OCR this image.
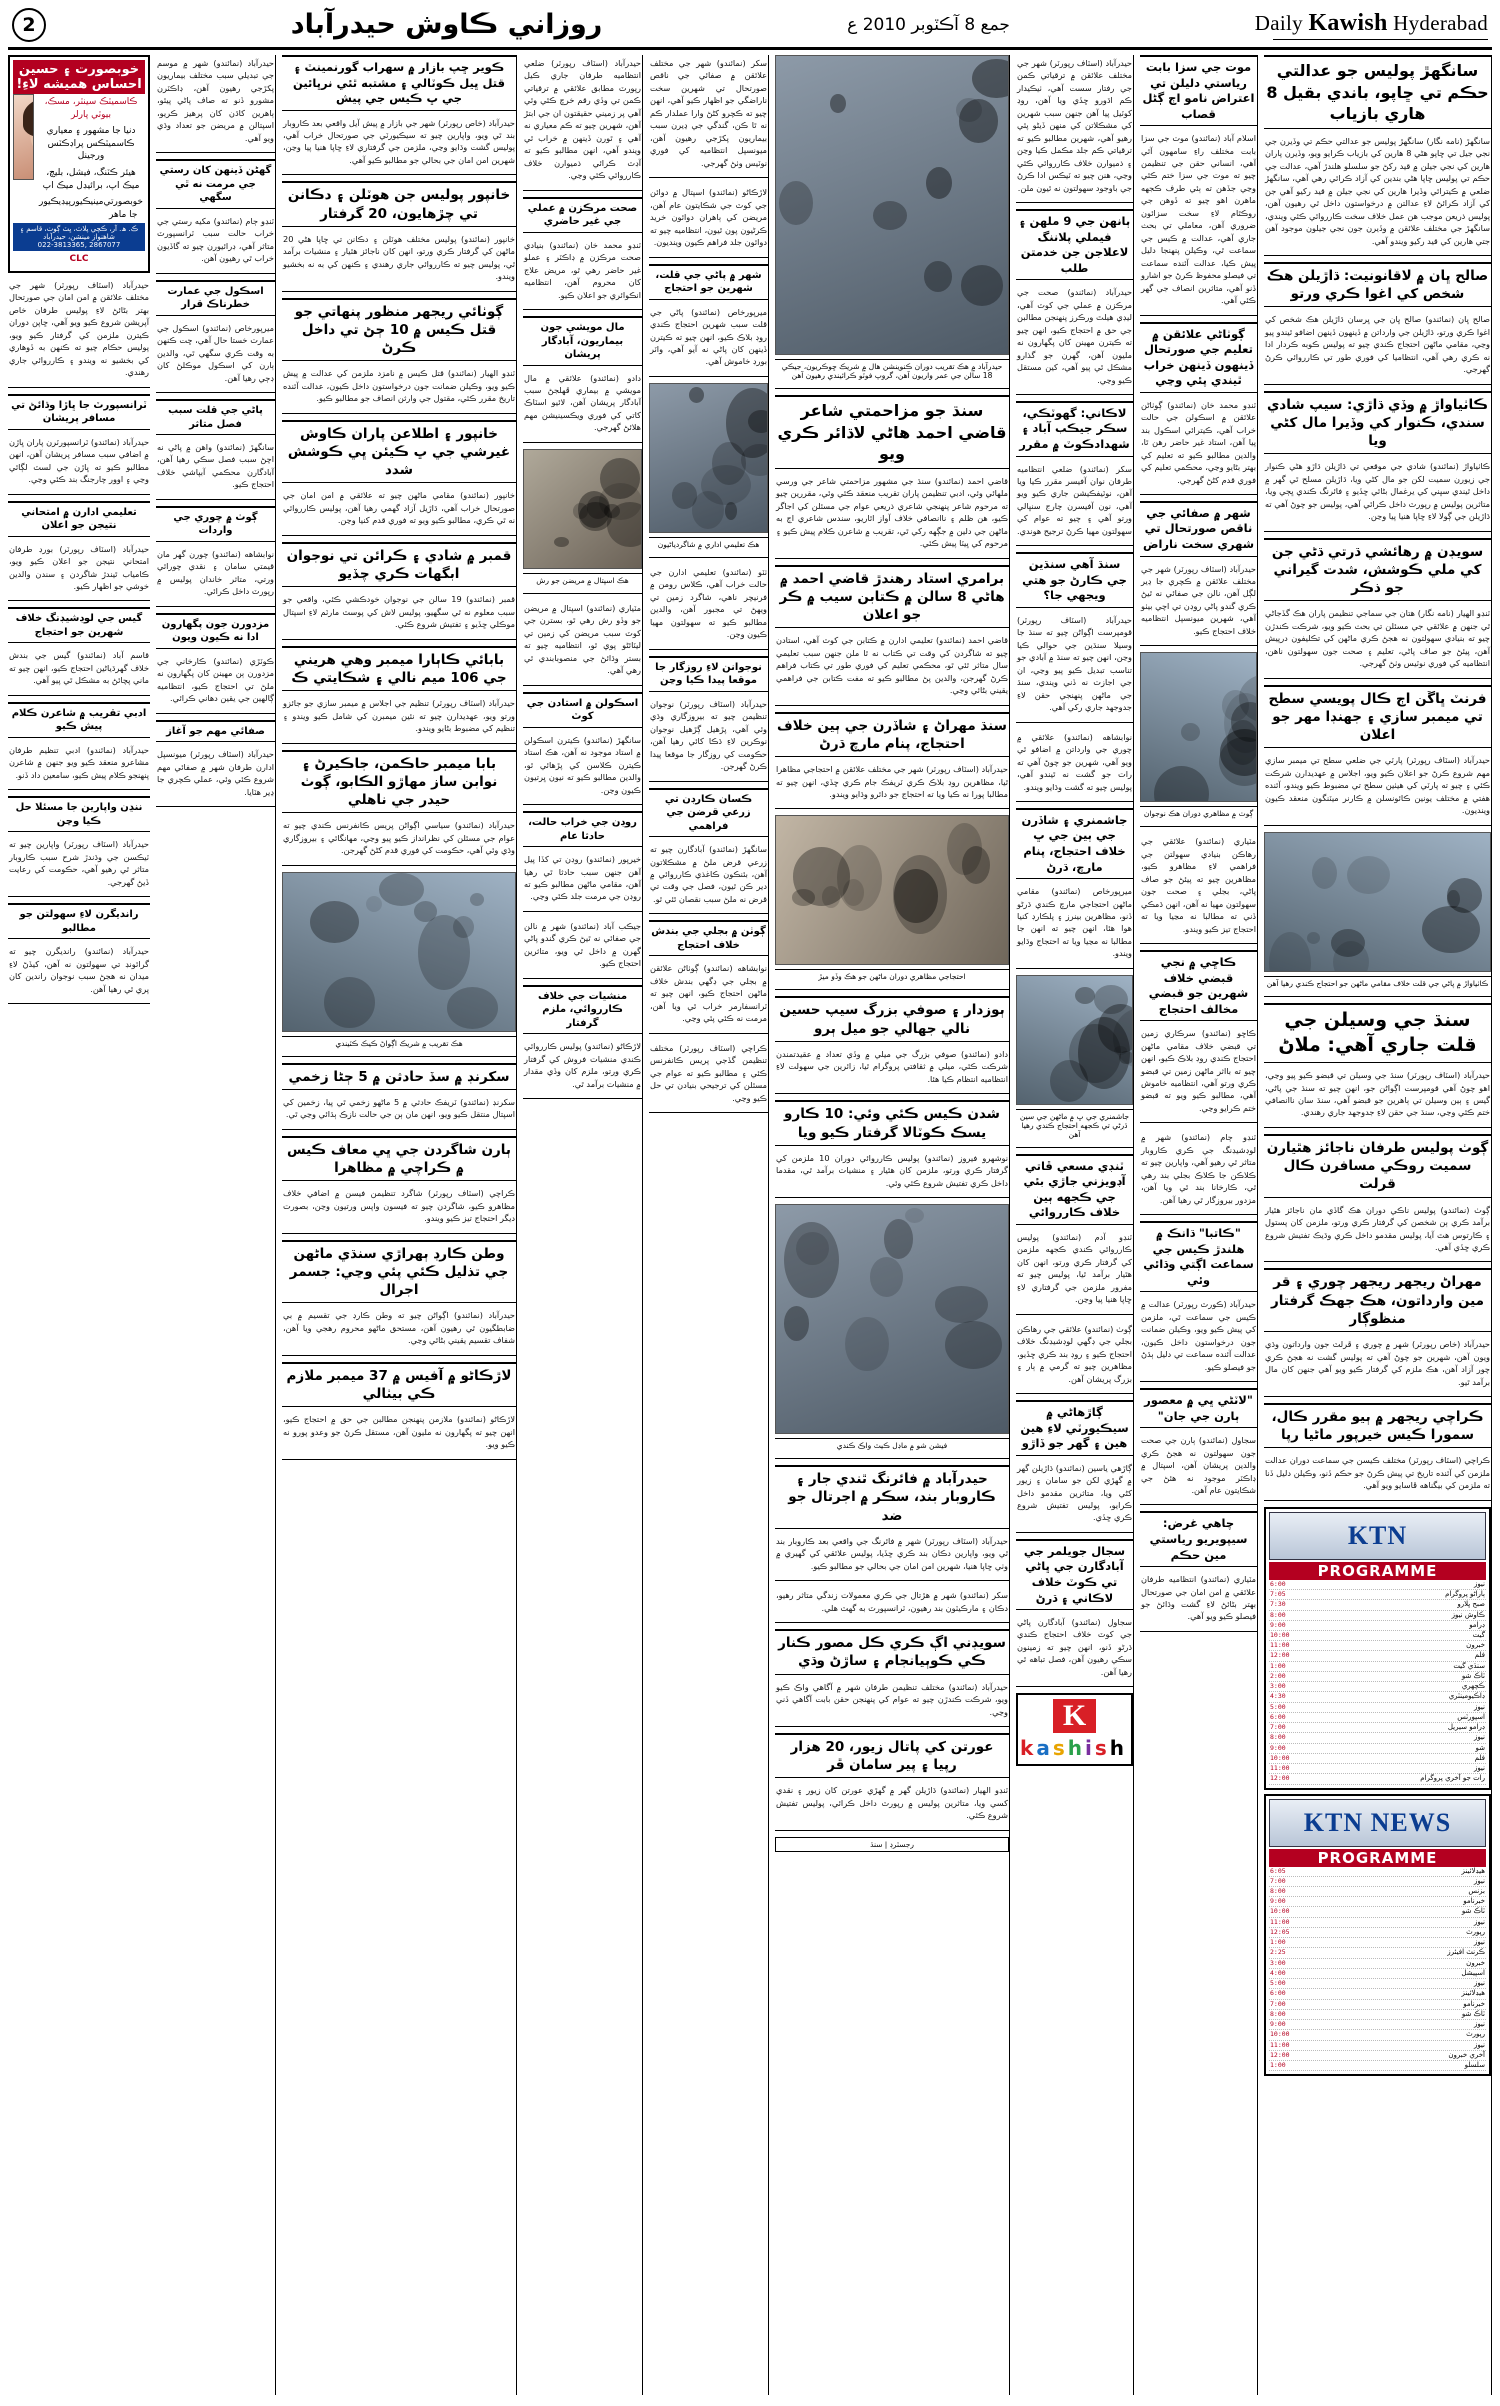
Daily Kawish Hyderabad
جمع 8 آڪٽوبر 2010 ع
روزاني ڪاوش حيدرآباد
2
سانگهڙ پوليس جو عدالتي حڪم تي ڇاپو، باندي بقيل 8 هاري بازياب
سانگهڙ (نامه نگار) سانگهڙ پوليس جو عدالتي حڪم تي وڏيرن جي نجي جيل تي ڇاپو هڻي 8 هارين کي بازياب ڪرايو ويو، وڏيرن پاران هارين کي نجي جيلن ۾ قيد رکڻ جو سلسلو هلندڙ آهي، عدالت جي حڪم تي پوليس ڇاپا هڻي بندين کي آزاد ڪرائي رهي آهي، سانگهڙ ضلعي ۾ ڪيترائي وڏيرا هارين کي نجي جيلن ۾ قيد رکيو آهي جن کي آزاد ڪرائڻ لاءِ عدالتن ۾ درخواستون داخل ٿي رهيون آهن، پوليس ذريعن موجب هن عمل خلاف سخت ڪارروائي ڪئي ويندي، سانگهڙ جي مختلف علائقن ۾ وڏيرن جون نجي جيلون موجود آهن جتي هارين کي قيد رکيو ويندو آهي.
صالح ڀان ۾ لاقانونيت: ڌاڙيلن هڪ شخص کي اغوا ڪري ورتو
صالح ڀان (نمائندو) صالح ڀان جي ڀرسان ڌاڙيلن هڪ شخص کي اغوا ڪري ورتو، ڌاڙيلن جي وارداتن ۾ ڏينهون ڏينهن اضافو ٿيندو پيو وڃي، مقامي ماڻهن احتجاج ڪندي چيو ته پوليس ڪوبه ڪردار ادا نه ڪري رهي آهي، انتظاميا کي فوري طور تي ڪارروائي ڪرڻ گهرجي.
ڪاٺياواڙ ۾ وڏي ڌاڙي: سيپ شادي سندي، ڪنوار کي وڏيرا مال کڻي ويا
ڪاٺياواڙ (نمائندو) شادي جي موقعي تي ڌاڙيلن ڌاڙو هڻي ڪنوار جي زيورن سميت لکن جو مال کڻي ويا، ڌاڙيلن مسلح ٿي گهر ۾ داخل ٿيندي سڀني کي يرغمال بڻائي ڇڏيو ۽ فائرنگ ڪندي ڀڄي ويا، متاثرين پوليس ۾ رپورٽ داخل ڪرائي آهي، پوليس جو چوڻ آهي ته ڌاڙيلن جي ڳولا لاءِ ڇاپا هنيا پيا وڃن.
سويڊن ۾ رهائشي ڌرتي ڌڻي جن کي ملي ڪوشش، شدت گيراني جو ذڪر
ٽنڊو الهيار (نامه نگار) هتان جي سماجي تنظيمن پاران هڪ گڏجاڻي ٿي جنهن ۾ علائقي جي مسئلن تي بحث ڪيو ويو، شرڪت ڪندڙن چيو ته بنيادي سهولتون نه هجڻ ڪري ماڻهن کي تڪليفون درپيش آهن، پيئڻ جو صاف پاڻي، تعليم ۽ صحت جون سهولتون ناهن، انتظاميه کي فوري نوٽيس وٺڻ گهرجي.
فرنٽ ڀاڱن اڄ ڪال پويسي سطح تي ميمبر سازي ۽ جهنڊا مهر جو اعلان
حيدرآباد (اسٽاف رپورٽر) پارٽي جي ضلعي سطح تي ميمبر سازي مهم شروع ڪرڻ جو اعلان ڪيو ويو، اجلاس ۾ عهديدارن شرڪت ڪئي ۽ چيو ته پارٽي کي هيٺين سطح تي مضبوط ڪيو ويندو، آئنده هفتي ۾ مختلف يونين ڪائونسلن ۾ ڪارنر ميٽنگون منعقد ڪيون وينديون.
ڪاٺياواڙ ۾ پاڻي جي قلت خلاف مقامي ماڻهن جو احتجاج ڪندي رهيا آهن
سنڌ جي وسيلن جي قلت جاري آهي: ملاڻ
حيدرآباد (اسٽاف رپورٽر) سنڌ جي وسيلن تي قبضو ڪيو پيو وڃي، اهو چوڻ آهي قومپرست اڳواڻن جو، انهن چيو ته سنڌ جي پاڻي، گيس ۽ ٻين وسيلن تي ٻاهرين جو قبضو آهي، سنڌ سان ناانصافي ختم ڪئي وڃي، سنڌ جي حقن لاءِ جدوجهد جاري رهندي.
ڳوٺ پوليس طرفان ناجائز هٿيارن سميت روڪي مسافرن ڪال قرلت
ڳوٺ (نمائندو) پوليس ناڪي دوران هڪ گاڏي مان ناجائز هٿيار برآمد ڪري ٻن شخصن کي گرفتار ڪري ورتو، ملزمن کان پستول ۽ ڪارتوس هٿ آيا، پوليس مقدمو داخل ڪري وڌيڪ تفتيش شروع ڪري ڇڏي آهي.
مهراڻ ريجهر ريجهر چوري ۽ قر مين وارداتون، هڪ جهڪ گرفتار منظوڳار
حيدرآباد (خاص رپورٽر) شهر ۾ چوري ۽ ڦرلٽ جون وارداتون وڌي ويون آهن، شهرين جو چوڻ آهي ته پوليس گشت نه هجڻ ڪري چور آزاد آهن، هڪ ملزم کي گرفتار ڪيو ويو آهي جنهن کان مال برآمد ٿيو.
ڪراچي ريجهر ۾ ٻيو مقرر ڪال، سمورا ڪيس خيرپور ماڻيا رپا
ڪراچي (اسٽاف رپورٽر) مختلف ڪيسن جي سماعت دوران عدالت ملزمن کي آئنده تاريخ تي پيش ڪرڻ جو حڪم ڏنو، وڪيلن دليل ڏنا ته ملزمن کي بيگناهه ڦاسايو ويو آهي.
KTN
PROGRAMME
نيوز
6:00
ٻاراڻو پروگرام
7:05
صبح ڀلارو
7:30
ڪاوش نيوز
8:00
ڊرامو
9:00
گيت
10:00
خبرون
11:00
فلم
12:00
سنڌي گيت
1:00
ٽاڪ شو
2:00
ڪچهري
3:00
ڊاڪيومينٽري
4:30
نيوز
5:00
اسپورٽس
6:00
ڊرامو سيريل
7:00
نيوز
8:00
شو
9:00
فلم
10:00
نيوز
11:00
رات جو آخري پروگرام
12:00
KTN NEWS
PROGRAMME
هيڊلائينز
6:05
نيوز
7:00
بزنس
8:00
خبرنامو
9:00
ٽاڪ شو
10:00
نيوز
11:00
رپورٽ
12:05
نيوز
1:00
ڪرنٽ افيئرز
2:25
خبرون
3:00
اسپيشل
4:00
نيوز
5:00
هيڊلائينز
6:00
خبرنامو
7:00
ٽاڪ شو
8:00
نيوز
9:00
رپورٽ
10:00
نيوز
11:00
آخري خبرون
12:00
سلسلو
1:00
موت جي سزا بابت رياستي دليلن تي اعتراض نامو اڄ ڳڻل قصاب
اسلام آباد (نمائندو) موت جي سزا بابت مختلف راءِ سامهون آئي آهي، انساني حقن جي تنظيمن چيو ته موت جي سزا ختم ڪئي وڃي جڏهن ته ٻئي طرف ڪجهه ماهرن اهو چيو ته ڏوهن جي روڪٿام لاءِ سخت سزائون ضروري آهن، معاملي تي بحث جاري آهي، عدالت ۾ ڪيس جي سماعت ٿي، وڪيلن پنهنجا دليل پيش ڪيا، عدالت آئنده سماعت تي فيصلو محفوظ ڪرڻ جو اشارو ڏنو آهي، متاثرين انصاف جي گهر ڪئي آهي.
ڳوٺاڻي علائقن ۾ تعليم جي صورتحال ڏينهون ڏينهن خراب ٿيندي پئي وڃي
ٽنڊو محمد خان (نمائندو) ڳوٺاڻن علائقن ۾ اسڪولن جي حالت خراب آهي، ڪيترائي اسڪول بند پيا آهن، استاد غير حاضر رهن ٿا، والدين مطالبو ڪيو ته تعليم کي بهتر بڻايو وڃي، محڪمي تعليم کي فوري قدم کڻڻ گهرجي.
شهر ۾ صفائي جي ناقص صورتحال تي شهري سخت ناراض
حيدرآباد (اسٽاف رپورٽر) شهر جي مختلف علائقن ۾ ڪچري جا ڍير لڳل آهن، نالن جي صفائي نه ٿيڻ ڪري گندو پاڻي روڊن تي اچي بيٺو آهي، شهرين ميونسپل انتظاميه خلاف احتجاج ڪيو.
ڳوٺ ۾ مظاهري دوران هڪ نوجوان
مٽياري (نمائندو) علائقي جي رهاڪن بنيادي سهولتن جي فراهمي لاءِ مظاهرو ڪيو، مظاهرين چيو ته پيئڻ جو صاف پاڻي، بجلي ۽ صحت جون سهولتون مهيا نه آهن، انهن ڌمڪي ڏني ته مطالبا نه مڃيا ويا ته احتجاج تيز ڪيو ويندو.
ڪاڇي ۾ نجي قبضي خلاف شهرين جو قبضي مخالف احتجاج
ڪاڇو (نمائندو) سرڪاري زمين تي قبضي خلاف مقامي ماڻهن احتجاج ڪندي روڊ بلاڪ ڪيو، انهن چيو ته بااثر ماڻهن زمين تي قبضو ڪري ورتو آهي، انتظاميه خاموش آهي، مطالبو ڪيو ويو ته قبضو ختم ڪرايو وڃي.
ٽنڊو ڄام (نمائندو) شهر ۾ لوڊشيڊنگ جي ڪري ڪاروبار متاثر ٿي رهيو آهي، واپارين چيو ته ڪلاڪن جا ڪلاڪ بجلي بند رهي ٿي، ڪارخانا بند ٿي ويا آهن، مزدور بيروزگار ٿي رهيا آهن.
"ڪاتبا" ڌانڪ ۾ هلندڙ ڪيس جي سماعت اڳتي وڌائي وئي
حيدرآباد (ڪورٽ رپورٽر) عدالت ۾ ڪيس جي سماعت ٿي، ملزمن کي پيش ڪيو ويو، وڪيلن ضمانت جون درخواستون داخل ڪيون، عدالت آئنده سماعت تي دليل ٻڌڻ جو فيصلو ڪيو.
"لاٽڻي ڀي ۾ معصور ٻارن جي جان"
سجاول (نمائندو) ٻارن جي صحت جون سهولتون نه هجڻ ڪري والدين پريشان آهن، اسپتال ۾ ڊاڪٽر موجود نه هئڻ جي شڪايتون عام آهن.
چاهي غرض: سيپويريو رياستي مين حڪم
مٽياري (نمائندو) انتظاميه طرفان علائقي ۾ امن امان جي صورتحال بهتر بڻائڻ لاءِ گشت وڌائڻ جو فيصلو ڪيو ويو آهي.
حيدرآباد (اسٽاف رپورٽر) شهر جي مختلف علائقن ۾ ترقياتي ڪمن جي رفتار سست آهي، ٺيڪيدار ڪم اڌورو ڇڏي ويا آهن، روڊ کوٽيل پيا آهن جنهن سبب شهرين کي مشڪلاتن کي منهن ڏيڻو پئي رهيو آهي، شهرين مطالبو ڪيو ته ترقياتي ڪم جلد مڪمل ڪيا وڃن ۽ ذميوارن خلاف ڪارروائي ڪئي وڃي، هنن چيو ته ٽيڪس ادا ڪرڻ جي باوجود سهولتون نه ٿيون ملن.
ٻانهن جي 9 ملهن ۽ فيملي پلاننگ لاعلاجن جن خدمتن طلب
حيدرآباد (نمائندو) صحت جي مرڪزن ۾ عملي جي کوٽ آهي، ليڊي هيلٿ ورڪرز پنهنجن مطالبن جي حق ۾ احتجاج ڪيو، انهن چيو ته ڪيترن مهينن کان پگهارون نه مليون آهن، گهرن جو گذارو مشڪل ٿي پيو آهي، کين مستقل ڪيو وڃي.
لاڪاني: گهوٽڪي، سڪر جيڪب آباد ۽ شهدادڪوٽ ۾ مقرر
سکر (نمائندو) ضلعي انتظاميه طرفان نوان آفيسر مقرر ڪيا ويا آهن، نوٽيفڪيشن جاري ڪيو ويو آهي، نون آفيسرن چارج سنڀالي ورتو آهي ۽ چيو ته عوام کي سهولتون مهيا ڪرڻ ترجيح هوندي.
سنڌ آهي سنڌين جي ڪارڻ جو هتي ويجهي جا؟
حيدرآباد (اسٽاف رپورٽر) قومپرست اڳواڻن چيو ته سنڌ جا وسيلا سنڌين جي حوالي ڪيا وڃن، انهن چيو ته سنڌ ۾ آبادي جو تناسب تبديل ڪيو پيو وڃي، ان جي اجازت نه ڏني ويندي، سنڌ جي ماڻهن پنهنجي حقن لاءِ جدوجهد جاري رکي آهي.
نوابشاهه (نمائندو) علائقي ۾ چوري جي وارداتن ۾ اضافو ٿي ويو آهي، شهرين جو چوڻ آهي ته رات جو گشت نه ٿيندو آهي، پوليس چيو ته گشت وڌايو ويندو.
جاشمنري ۽ شاڏرن جي ٻين جي ڀ خلاف احتجاج، پنام مارچ، ڌرڻ
ميرپورخاص (نمائندو) مقامي ماڻهن احتجاجي مارچ ڪندي ڌرڻو ڏنو، مظاهرين بينرز ۽ پلڪارڊ کنيا هوا هئا، انهن چيو ته انهن جا مطالبا نه مڃيا ويا ته احتجاج وڌايو ويندو.
جاشمنري جي ڀ ۾ ماڻهن جي سين ڌرڻي تي ڪجهه احتجاج ڪندي رهيا آهن
ٽنڊي مسعي ڦاتي آڊويزني جاڙي بئي جي ڪجهه ٻين خلاف ڪارروائي
ٽنڊو آدم (نمائندو) پوليس ڪارروائي ڪندي ڪجهه ملزمن کي گرفتار ڪري ورتو، انهن کان هٿيار برآمد ٿيا، پوليس چيو ته مفرور ملزمن جي گرفتاري لاءِ ڇاپا هنيا پيا وڃن.
ڳوٺ (نمائندو) علائقي جي رهاڪن بجلي جي ڊگهي لوڊشيڊنگ خلاف احتجاج ڪيو ۽ روڊ بند ڪري ڇڏيو، مظاهرين چيو ته گرمي ۾ ٻار ۽ بزرگ پريشان آهن.
ڳاڙهاڻي ۾ سيڪيورٽي لاءِ هين هين ۽ گهر جو ڏاڙو
ڳاڙهي ياسين (نمائندو) ڌاڙيلن گهر ۾ گهڙي لکن جو سامان ۽ زيور کڻي ويا، متاثرين مقدمو داخل ڪرايو، پوليس تفتيش شروع ڪري ڇڏي.
سجال جويلمر جي آبادگارن جي ڀاڻي تي ڪوٽ خلاف لاڪاني ۽ ڌرڻ
سجاول (نمائندو) آبادگارن پاڻي جي کوٽ خلاف احتجاج ڪندي ڌرڻو ڏنو، انهن چيو ته زمينون سڪي رهيون آهن، فصل تباهه ٿي رهيا آهن.
K
kashish
حيدرآباد ۾ هڪ تقريب دوران ڪنوينشن هال ۾ شريڪ ڇوڪريون، جيڪي 18 سالن جي عمر واريون آهن، گروپ فوٽو ڪرائيندي رهيون آهن
سنڌ جو مزاحمتي شاعر قاضي احمد هاڻي لاڌائر ڪري ويو
قاضي احمد (نمائندو) سنڌ جي مشهور مزاحمتي شاعر جي ورسي ملهائي وئي، ادبي تنظيمن پاران تقريب منعقد ڪئي وئي، مقررين چيو ته مرحوم شاعر پنهنجي شاعري ذريعي عوام جي مسئلن کي اجاگر ڪيو، هن ظلم ۽ ناانصافي خلاف آواز اٿاريو، سندس شاعري اڄ به ماڻهن جي دلين ۾ جڳهه رکي ٿي، تقريب ۾ شاعرن ڪلام پيش ڪيو ۽ مرحوم کي ڀيٽا پيش ڪئي.
برامري استاد رهندڙ قاضي احمد ۾ هاڻي 8 سالن ۾ ڪتابن سيب ۾ ڪر جو اعلان
قاضي احمد (نمائندو) تعليمي ادارن ۾ ڪتابن جي کوٽ آهي، استادن چيو ته شاگردن کي وقت تي ڪتاب نه ٿا ملن جنهن سبب تعليمي سال متاثر ٿئي ٿو، محڪمي تعليم کي فوري طور تي ڪتاب فراهم ڪرڻ گهرجن، والدين پڻ مطالبو ڪيو ته مفت ڪتابن جي فراهمي يقيني بڻائي وڃي.
سنڌ مهراڻ ۽ شاڏرن جي ٻين خلاف احتجاج، پنام مارچ ڌرڻ
حيدرآباد (اسٽاف رپورٽر) شهر جي مختلف علائقن ۾ احتجاجي مظاهرا ٿيا، مظاهرين روڊ بلاڪ ڪري ٽريفڪ جام ڪري ڇڏي، انهن چيو ته مطالبا پورا نه ڪيا ويا ته احتجاج جو دائرو وڌايو ويندو.
احتجاجي مظاهري دوران ماڻهن جو هڪ وڏو ميڙ
ٻوزدار ۽ صوفي بزرگ سيپ حسين نالي جهالي جو ميل ٻرو
دادو (نمائندو) صوفي بزرگ جي ميلي ۾ وڏي تعداد ۾ عقيدتمندن شرڪت ڪئي، ميلي ۾ ثقافتي پروگرام ٿيا، زائرين جي سهولت لاءِ انتظاميه انتظام ڪيا هئا.
شدن ڪيس ڪئي وئي: 10 ڪارو يسڪ ڪوٽالا گرفتار ڪيو ويا
نوشهرو فيروز (نمائندو) پوليس ڪارروائي دوران 10 ملزمن کي گرفتار ڪري ورتو، ملزمن کان هٿيار ۽ منشيات برآمد ٿي، مقدما داخل ڪري تفتيش شروع ڪئي وئي.
فيشن شو ۾ ماڊل ڪيٽ واڪ ڪندي
حيدرآباد ۾ فائرنگ ٿندي جار ۽ ڪاروبار بند، سڪر ۾ اجرتال جو ضد
حيدرآباد (اسٽاف رپورٽر) شهر ۾ فائرنگ جي واقعي بعد ڪاروبار بند ٿي ويو، واپارين دڪان بند ڪري ڇڏيا، پوليس علائقي کي گهيري ۾ وٺي ڇاپا هنيا، شهرين امن امان جي بحالي جو مطالبو ڪيو.
سکر (نمائندو) شهر ۾ هڙتال جي ڪري معمولات زندگي متاثر رهيو، دڪان ۽ مارڪيٽون بند رهيون، ٽرانسپورٽ به گهٽ هلي.
سويڊني اڳ ڪري ڪل مصور ڪنار ڪي ڪوٻيانجام ۽ ساڙڻ وڌي
حيدرآباد (نمائندو) مختلف تنظيمن طرفان شهر ۾ آگاهي واڪ ڪيو ويو، شرڪت ڪندڙن چيو ته عوام کي پنهنجن حقن بابت آگاهي ڏني وڃي.
عورتن کي پاتال زيور، 20 هزار رپيا ۽ پير سامان ڦر
ٽنڊو الهيار (نمائندو) ڌاڙيلن گهر ۾ گهڙي عورتن کان زيور ۽ نقدي کسي ويا، متاثرين پوليس ۾ رپورٽ داخل ڪرائي، پوليس تفتيش شروع ڪئي.
رجسٽرڊ | سنڌ
سکر (نمائندو) شهر جي مختلف علائقن ۾ صفائي جي ناقص صورتحال تي شهرين سخت ناراضگي جو اظهار ڪيو آهي، انهن چيو ته ڪچرو کڻڻ وارا عملدار ڪم نه ٿا ڪن، گندگي جي ڍيرن سبب بيماريون پکڙجي رهيون آهن، ميونسپل انتظاميه کي فوري نوٽيس وٺڻ گهرجي.
لاڙڪاڻو (نمائندو) اسپتال ۾ دوائن جي کوٽ جي شڪايتون عام آهن، مريضن کي ٻاهران دوائون خريد ڪرڻيون پون ٿيون، انتظاميه چيو ته دوائون جلد فراهم ڪيون وينديون.
شهر ۾ پاڻي جي قلت، شهرين جو احتجاج
ميرپورخاص (نمائندو) پاڻي جي قلت سبب شهرين احتجاج ڪندي روڊ بلاڪ ڪيو، انهن چيو ته ڪيترن ڏينهن کان پاڻي نه آيو آهي، واٽر بورڊ خاموش آهي.
هڪ تعليمي اداري ۾ شاگردياڻيون
ٺٽو (نمائندو) تعليمي ادارن جي حالت خراب آهي، ڪلاس رومن ۾ فرنيچر ناهي، شاگرد زمين تي ويهڻ تي مجبور آهن، والدين مطالبو ڪيو ته سهولتون مهيا ڪيون وڃن.
نوجوانن لاءِ روزگار جا موقعا پيدا ڪيا وڃن
حيدرآباد (اسٽاف رپورٽر) نوجوان تنظيمن چيو ته بيروزگاري وڌي وئي آهي، پڙهيل ڳڙهيل نوجوان نوڪرين لاءِ ڌڪا کائي رهيا آهن، حڪومت کي روزگار جا موقعا پيدا ڪرڻ گهرجن.
ڪسان ڪارڊن تي زرعي قرضن جي فراهمي
سانگهڙ (نمائندو) آبادگارن چيو ته زرعي قرض ملڻ ۾ مشڪلاتون آهن، بئنڪون ڪاغذي ڪارروائي ۾ دير ڪن ٿيون، فصل جي وقت تي قرض نه ملڻ سبب نقصان ٿئي ٿو.
ڳوٺن ۾ بجلي جي بندش خلاف احتجاج
نوابشاهه (نمائندو) ڳوٺاڻن علائقن ۾ بجلي جي ڊگهي بندش خلاف ماڻهن احتجاج ڪيو، انهن چيو ته ٽرانسفارمر خراب ٿي ويا آهن، مرمت نه ڪئي پئي وڃي.
ڪراچي (اسٽاف رپورٽر) مختلف تنظيمن گڏجي پريس ڪانفرنس ڪئي ۽ مطالبو ڪيو ته عوام جي مسئلن کي ترجيحي بنيادن تي حل ڪيو وڃي.
حيدرآباد (اسٽاف رپورٽر) ضلعي انتظاميه طرفان جاري ڪيل رپورٽ مطابق علائقي ۾ ترقياتي ڪمن تي وڏي رقم خرچ ڪئي وئي آهي پر زميني حقيقتون ان جي ابتڙ آهن، شهرين چيو ته ڪم معياري نه آهي ۽ ٿورن ڏينهن ۾ خراب ٿي ويندو آهي، انهن مطالبو ڪيو ته آڊٽ ڪرائي ذميوارن خلاف ڪارروائي ڪئي وڃي.
صحت مرڪزن ۾ عملي جي غير حاضري
ٽنڊو محمد خان (نمائندو) بنيادي صحت مرڪزن ۾ ڊاڪٽر ۽ عملو غير حاضر رهي ٿو، مريض علاج کان محروم آهن، انتظاميه انڪوائري جو اعلان ڪيو.
مال مويشي جون بيماريون، آبادگار پريشان
دادو (نمائندو) علائقي ۾ مال مويشي ۾ بيماري ڦهلجڻ سبب آبادگار پريشان آهن، لائيو اسٽاڪ کاتي کي فوري ويڪسينيشن مهم هلائڻ گهرجي.
هڪ اسپتال ۾ مريضن جو رش
مٽياري (نمائندو) اسپتال ۾ مريضن جو وڏو رش رهي ٿو، بسترن جي کوٽ سبب مريضن کي زمين تي ليٽائڻو پوي ٿو، انتظاميه چيو ته بستر وڌائڻ جي منصوبابندي ٿي رهي آهي.
اسڪولن ۾ استادن جي کوٽ
سانگهڙ (نمائندو) ڪيترن اسڪولن ۾ استاد موجود نه آهن، هڪ استاد ڪيترن ڪلاسن کي پڙهائي ٿو، والدين مطالبو ڪيو ته نيون ڀرتيون ڪيون وڃن.
روڊن جي خراب حالت، حادثا عام
خيرپور (نمائندو) روڊن تي کڏا پيل آهن جنهن سبب حادثا ٿي رهيا آهن، مقامي ماڻهن مطالبو ڪيو ته روڊن جي مرمت جلد ڪئي وڃي.
جيڪب آباد (نمائندو) شهر ۾ نالن جي صفائي نه ٿيڻ ڪري گندو پاڻي گهرن ۾ داخل ٿي ويو، متاثرين احتجاج ڪيو.
منشيات جي خلاف ڪارروائي، ملزم گرفتار
لاڙڪاڻو (نمائندو) پوليس ڪارروائي ڪندي منشيات فروش کي گرفتار ڪري ورتو، ملزم کان وڏي مقدار ۾ منشيات برآمد ٿي.
ڪوير ڇپ بازار ۾ سهراب گورنمينٽ ۽ قتل ڀيل ڪوٽالي ۽ مشتبه ٿئي نرڀائين جي ڀ ڪيس جي پيش
حيدرآباد (خاص رپورٽر) شهر جي بازار ۾ پيش آيل واقعي بعد ڪاروبار بند ٿي ويو، واپارين چيو ته سيڪيورٽي جي صورتحال خراب آهي، پوليس گشت وڌايو وڃي، ملزمن جي گرفتاري لاءِ ڇاپا هنيا پيا وڃن، شهرين امن امان جي بحالي جو مطالبو ڪيو آهي.
خانپور پوليس جن هوٽلن ۽ دڪانن تي چڙهايون، 20 گرفتار
خانپور (نمائندو) پوليس مختلف هوٽلن ۽ دڪانن تي ڇاپا هڻي 20 ماڻهن کي گرفتار ڪري ورتو، انهن کان ناجائز هٿيار ۽ منشيات برآمد ٿي، پوليس چيو ته ڪارروائي جاري رهندي ۽ ڪنهن کي به نه بخشيو ويندو.
ڳوٺائي ريجهر منظور پنهاتي جو قتل ڪيس ۾ 10 ڄڻ تي داخل ڪرڻ
ٽنڊو الهيار (نمائندو) قتل ڪيس ۾ نامزد ملزمن کي عدالت ۾ پيش ڪيو ويو، وڪيلن ضمانت جون درخواستون داخل ڪيون، عدالت آئنده تاريخ مقرر ڪئي، مقتول جي وارثن انصاف جو مطالبو ڪيو.
خانپور ۽ اطلاعن پاران ڪاوش غيرشي جي ڀ ڪيئن ڀي ڪوشش شدد
خانپور (نمائندو) مقامي ماڻهن چيو ته علائقي ۾ امن امان جي صورتحال خراب آهي، ڌاڙيل آزاد گهمي رهيا آهن، پوليس ڪارروائي نه ٿي ڪري، مطالبو ڪيو ويو ته فوري قدم کنيا وڃن.
قمبر ۾ شادي ۽ ڪرائن تي نوجوان ابگهات ڪري چڏيو
قمبر (نمائندو) 19 سالن جي نوجوان خودڪشي ڪئي، واقعي جو سبب معلوم نه ٿي سگهيو، پوليس لاش کي پوسٽ مارٽم لاءِ اسپتال موڪلي ڇڏيو ۽ تفتيش شروع ڪئي.
بابائي ڪاٻارا ميمبر وهي هريني جي 106 ميم نالي ۽ شڪايتي ڪ
حيدرآباد (اسٽاف رپورٽر) تنظيم جي اجلاس ۾ ميمبر سازي جو جائزو ورتو ويو، عهديدارن چيو ته نئين ميمبرن کي شامل ڪيو ويندو ۽ تنظيم کي مضبوط بڻايو ويندو.
بابا ميمبر حاڪمن، جاڪيرڻ ۽ نوابن ساز مهاڙو الڪابو، ڳوٺ حيدر جي ناهلي
حيدرآباد (نمائندو) سياسي اڳواڻن پريس ڪانفرنس ڪندي چيو ته عوام جي مسئلن کي نظرانداز ڪيو پيو وڃي، مهانگائي ۽ بيروزگاري وڌي وئي آهي، حڪومت کي فوري قدم کڻڻ گهرجن.
هڪ تقريب ۾ شريڪ اڳواڻ ڪيڪ ڪٽيندي
سکرنڊ ۾ سڏ حادثن ۾ 5 ڄڻا زخمي
سکرنڊ (نمائندو) ٽريفڪ حادثي ۾ 5 ماڻهو زخمي ٿي پيا، زخمين کي اسپتال منتقل ڪيو ويو، انهن مان ٻن جي حالت نازڪ ٻڌائي وڃي ٿي.
ٻارن شاگردن جي ڀي معاف ڪيس ۾ ڪراچي ۾ مظاهرا
ڪراچي (اسٽاف رپورٽر) شاگرد تنظيمن فيسن ۾ اضافي خلاف مظاهرو ڪيو، شاگردن چيو ته فيسون واپس ورتيون وڃن، بصورت ديگر احتجاج تيز ڪيو ويندو.
وطن ڪارڊ ٻهراڙي سنڌي ماڻهن جي تذليل ڪئي پئي وڃي: جسمر اجرال
حيدرآباد (نمائندو) اڳواڻن چيو ته وطن ڪارڊ جي تقسيم ۾ بي ضابطگيون ٿي رهيون آهن، مستحق ماڻهو محروم رهجي ويا آهن، شفاف تقسيم يقيني بڻائي وڃي.
لاڙڪاڻو ۾ آفيس ۾ 37 ميمبر ملازم ڪي بيٺالي
لاڙڪاڻو (نمائندو) ملازمن پنهنجن مطالبن جي حق ۾ احتجاج ڪيو، انهن چيو ته پگهارون نه مليون آهن، مستقل ڪرڻ جو وعدو پورو نه ڪيو ويو.
حيدرآباد (نمائندو) شهر ۾ موسم جي تبديلي سبب مختلف بيماريون پکڙجي رهيون آهن، ڊاڪٽرن مشورو ڏنو ته صاف پاڻي پيئو، ٻاهرين کاڌن کان پرهيز ڪريو، اسپتالن ۾ مريضن جو تعداد وڌي ويو آهي.
گهڻن ڏينهن کان رستي جي مرمت نه ٿي سگهي
ٽنڊو ڄام (نمائندو) مکيه رستي جي خراب حالت سبب ٽرانسپورٽ متاثر آهي، ڊرائيورن چيو ته گاڏيون خراب ٿي رهيون آهن.
اسڪول جي عمارت خطرناڪ قرار
ميرپورخاص (نمائندو) اسڪول جي عمارت خستا حال آهي، ڇت ڪنهن به وقت ڪري سگهي ٿي، والدين ٻارن کي اسڪول موڪلڻ کان ڊڄي رهيا آهن.
پاڻي جي قلت سبب فصل متاثر
سانگهڙ (نمائندو) واهن ۾ پاڻي نه اچڻ سبب فصل سڪي رهيا آهن، آبادگارن محڪمي آبپاشي خلاف احتجاج ڪيو.
ڳوٺ ۾ چوري جي واردات
نوابشاهه (نمائندو) چورن گهر مان قيمتي سامان ۽ نقدي چورائي ورتي، متاثر خاندان پوليس ۾ رپورٽ داخل ڪرائي.
مزدورن جون پگهارون ادا نه ڪيون ويون
ڪوٽڙي (نمائندو) ڪارخاني جي مزدورن ٻن مهينن کان پگهارون نه ملڻ تي احتجاج ڪيو، انتظاميه ڳالهين جي يقين دهاني ڪرائي.
صفائي مهم جو آغاز
حيدرآباد (اسٽاف رپورٽر) ميونسپل ادارن طرفان شهر ۾ صفائي مهم شروع ڪئي وئي، عملي ڪچري جا ڍير هٽايا.
خوبصورت ۽ حسين احساس هميشه لاءِ!
ڪاسميٽڪ سينٽر، مسڪ، بيوٽي پارلر
دنيا جا مشهور ۽ معياري ڪاسميٽڪس پراڊڪٽس ورجينل
هيئر ڪٽنگ، فيشل، بليچ، ميڪ اپ، برائيڊل ميڪ اپ
خوبصورتي جا ماهر
مينيڪيور
پيڊيڪيور
ڪ. ھ. آر، ڪچي پلاٽ، ڀٽ ڳوٺ، قاسم ۽ شاهنواز مينشن، حيدرآباد
022-3813365, 2867077
CLC
حيدرآباد (اسٽاف رپورٽر) شهر جي مختلف علائقن ۾ امن امان جي صورتحال بهتر بڻائڻ لاءِ پوليس طرفان خاص آپريشن شروع ڪيو ويو آهي، ڇاپن دوران ڪيترن ملزمن کي گرفتار ڪيو ويو، پوليس حڪام چيو ته ڪنهن به ڏوهاري کي بخشيو نه ويندو ۽ ڪارروائي جاري رهندي.
ٽرانسپورٽ جا ڀاڙا وڌائڻ تي مسافر پريشان
حيدرآباد (نمائندو) ٽرانسپورٽرن پاران ڀاڙن ۾ اضافي سبب مسافر پريشان آهن، انهن مطالبو ڪيو ته ڀاڙن جي لسٽ لڳائي وڃي ۽ اوور چارجنگ بند ڪئي وڃي.
تعليمي ادارن ۾ امتحاني نتيجن جو اعلان
حيدرآباد (اسٽاف رپورٽر) بورڊ طرفان امتحاني نتيجن جو اعلان ڪيو ويو، ڪامياب ٿيندڙ شاگردن ۽ سندن والدين خوشي جو اظهار ڪيو.
گيس جي لوڊشيڊنگ خلاف شهرين جو احتجاج
قاسم آباد (نمائندو) گيس جي بندش خلاف گهرڌياڻين احتجاج ڪيو، انهن چيو ته ماني پچائڻ به مشڪل ٿي پيو آهي.
ادبي تقريب ۾ شاعرن ڪلام پيش ڪيو
حيدرآباد (نمائندو) ادبي تنظيم طرفان مشاعرو منعقد ڪيو ويو جنهن ۾ شاعرن پنهنجو ڪلام پيش ڪيو، سامعين داد ڏنو.
ننڍن واپارين جا مسئلا حل ڪيا وڃن
حيدرآباد (اسٽاف رپورٽر) واپارين چيو ته ٽيڪسن جي وڌندڙ شرح سبب ڪاروبار متاثر ٿي رهيو آهي، حڪومت کي رعايت ڏيڻ گهرجي.
رانديگرن لاءِ سهولتن جو مطالبو
حيدرآباد (نمائندو) رانديگرن چيو ته گرائونڊ تي سهولتون نه آهن، کيڏڻ لاءِ ميدان نه هجڻ سبب نوجوان راندين کان پري ٿي رهيا آهن.
